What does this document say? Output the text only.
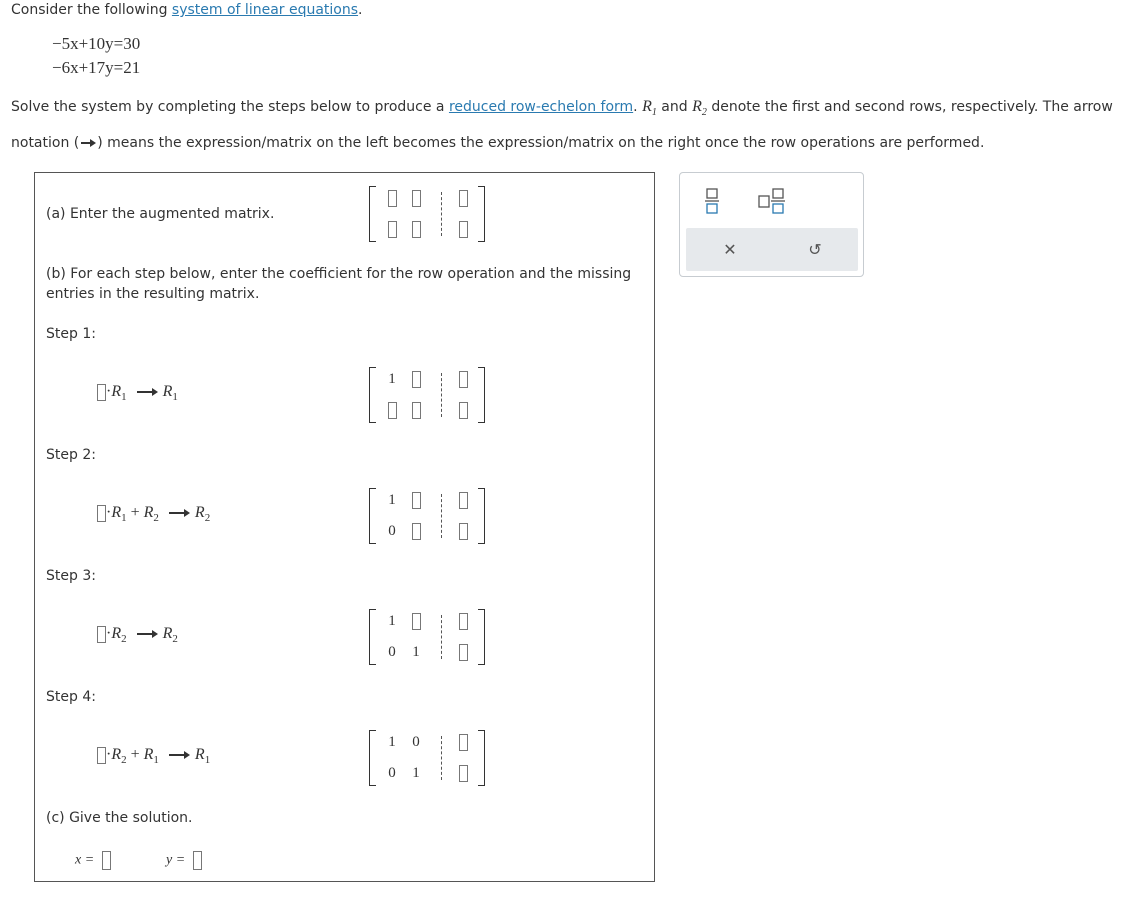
Consider the following system of linear equations.
−5x+10y=30
−6x+17y=21
Solve the system by completing the steps below to produce a reduced row-echelon form. $R_1$ and $R_2$ denote the first and second rows, respectively. The arrow
notation ( ) means the expression/matrix on the left becomes the expression/matrix on the right once the row operations are performed.
(a) Enter the augmented matrix.
(b) For each step below, enter the coefficient for the row operation and the missing
entries in the resulting matrix.
Step 1:
$\cdot R_1$ $R_1$
1
Step 2:
$\cdot R_1 + R_2$ $R_2$
1
0
Step 3:
$\cdot R_2$ $R_2$
1
0	1
Step 4:
$\cdot R_2 + R_1$ $R_1$
1	0
0	1
(c) Give the solution.
x =	y =
✕	↺
